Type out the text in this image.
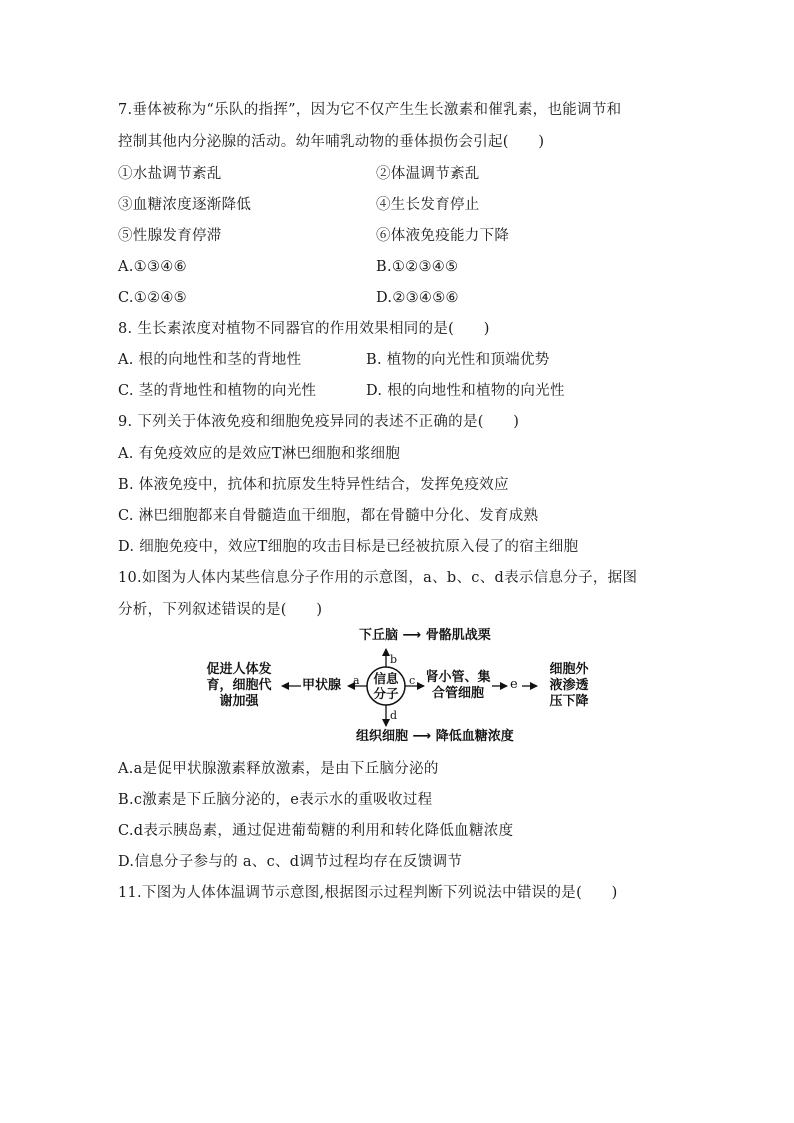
7.垂体被称为“乐队的指挥”，因为它不仅产生生长激素和催乳素，也能调节和
控制其他内分泌腺的活动。幼年哺乳动物的垂体损伤会引起(　　)
①水盐调节紊乱	②体温调节紊乱
③血糖浓度逐渐降低	④生长发育停止
⑤性腺发育停滞	⑥体液免疫能力下降
A.①③④⑥	B.①②③④⑤
C.①②④⑤	D.②③④⑤⑥
8. 生长素浓度对植物不同器官的作用效果相同的是(　　)
A. 根的向地性和茎的背地性	B. 植物的向光性和顶端优势
C. 茎的背地性和植物的向光性	D. 根的向地性和植物的向光性
9. 下列关于体液免疫和细胞免疫异同的表述不正确的是(　　)
A. 有免疫效应的是效应T淋巴细胞和浆细胞
B. 体液免疫中，抗体和抗原发生特异性结合，发挥免疫效应
C. 淋巴细胞都来自骨髓造血干细胞，都在骨髓中分化、发育成熟
D. 细胞免疫中，效应T细胞的攻击目标是已经被抗原入侵了的宿主细胞
10.如图为人体内某些信息分子作用的示意图，a、b、c、d表示信息分子，据图
分析，下列叙述错误的是(　　)
下丘脑 ⟶ 骨骼肌战栗
b
a	c
d
信息
分子
甲状腺
促进人体发
育，细胞代
谢加强
肾小管、集
合管细胞
e
细胞外
液渗透
压下降
组织细胞 ⟶ 降低血糖浓度
A.a是促甲状腺激素释放激素，是由下丘脑分泌的
B.c激素是下丘脑分泌的，e表示水的重吸收过程
C.d表示胰岛素，通过促进葡萄糖的利用和转化降低血糖浓度
D.信息分子参与的 a、c、d调节过程均存在反馈调节
11.下图为人体体温调节示意图,根据图示过程判断下列说法中错误的是(　　)
